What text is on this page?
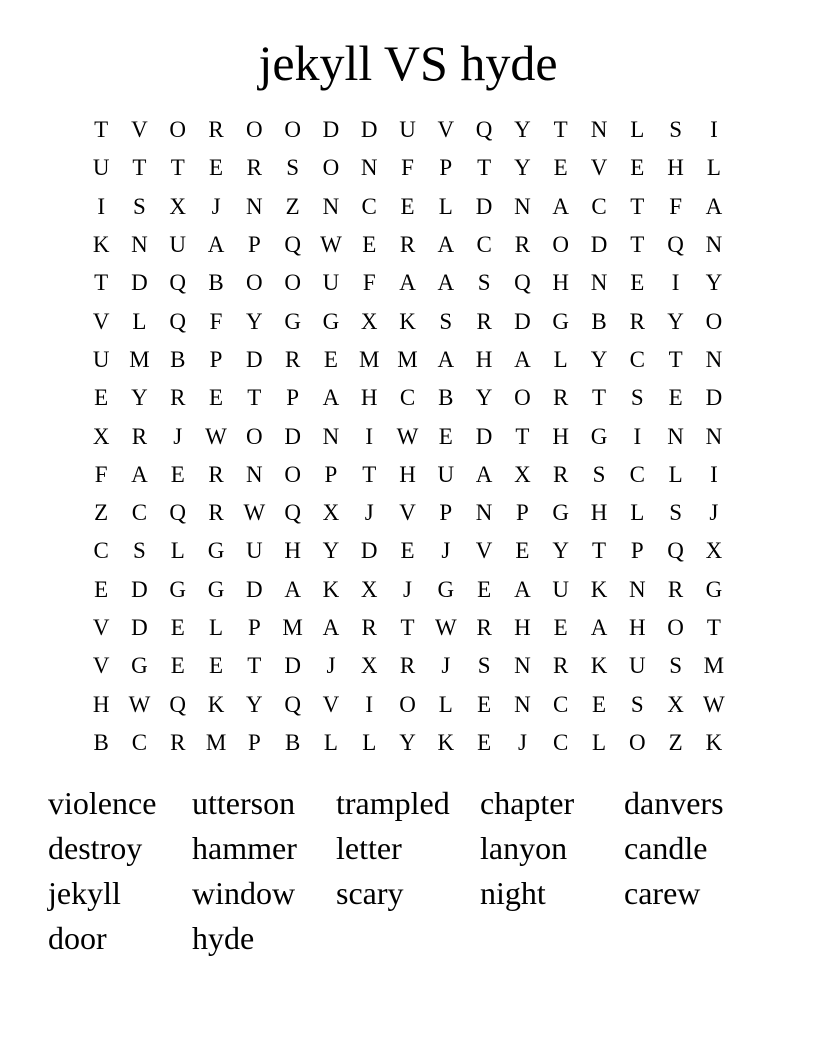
jekyll VS hyde
T V O R O O D D U V Q Y T N L	S	I
U T	T	E	R	S	O N	F	P	T Y E V E H L
I	S	X	J	N Z N C	E	L D N A C	T	F	A
K N U A	P	Q W E	R A C R O D T Q N
T D Q B O O U	F	A A	S	Q H N E	I	Y
V L Q	F	Y G G X K	S	R D G B R Y O
U M B	P	D R	E M M A H A L Y C	T N
E Y R	E	T	P	A H C B Y O R	T	S	E D
X R	J W O D N	I	W E D T H G	I	N N
F	A E	R N O	P	T H U A X R	S	C	L	I
Z	C Q R W Q X	J	V	P	N	P	G H L	S	J
C	S	L G U H Y D E	J	V E Y T	P	Q X
E D G G D A K X	J	G E A U K N R G
V D E	L	P M A R	T W R H E A H O T
V G E	E	T D	J	X R	J	S	N R K U	S M
H W Q K Y Q V	I	O L	E N C	E	S	X W
B C R M P	B	L	L Y K E	J	C	L O Z K
violence	utterson	trampled chapter	danvers
destroy	hammer	letter	lanyon	candle
jekyll	window	scary	night	carew
door	hyde
